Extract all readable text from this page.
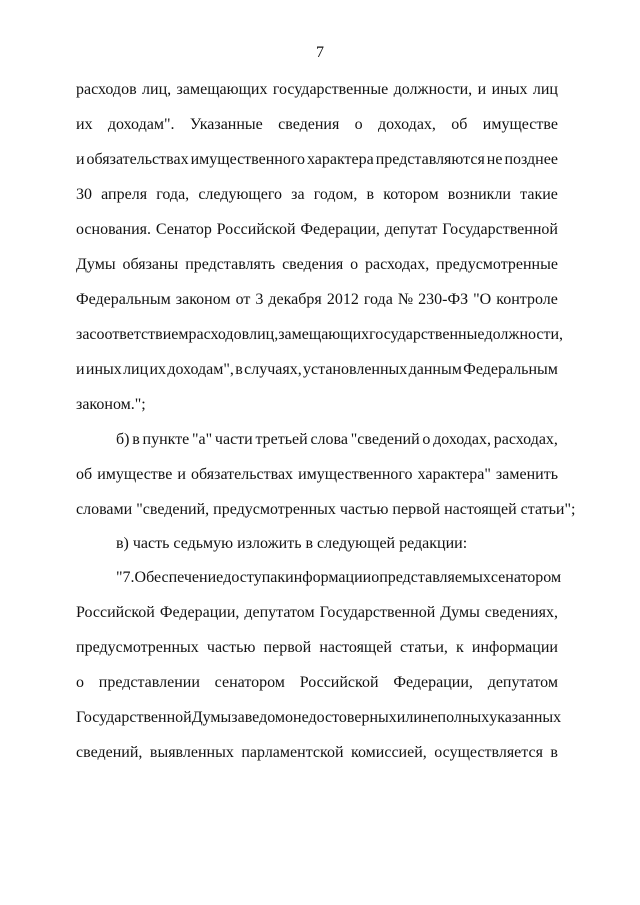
7
расходов лиц, замещающих государственные должности, и иных лиц
их доходам". Указанные сведения о доходах, об имуществе
и обязательствах имущественного характера представляются не позднее
30 апреля года, следующего за годом, в котором возникли такие
основания. Сенатор Российской Федерации, депутат Государственной
Думы обязаны представлять сведения о расходах, предусмотренные
Федеральным законом от 3 декабря 2012 года № 230-ФЗ "О контроле
за соответствием расходов лиц, замещающих государственные должности,
и иных лиц их доходам", в случаях, установленных данным Федеральным
законом.";
б) в пункте "а" части третьей слова "сведений о доходах, расходах,
об имуществе и обязательствах имущественного характера" заменить
словами "сведений, предусмотренных частью первой настоящей статьи";
в) часть седьмую изложить в следующей редакции:
"7. Обеспечение доступа к информации о представляемых сенатором
Российской Федерации, депутатом Государственной Думы сведениях,
предусмотренных частью первой настоящей статьи, к информации
о представлении сенатором Российской Федерации, депутатом
Государственной Думы заведомо недостоверных или неполных указанных
сведений, выявленных парламентской комиссией, осуществляется в
